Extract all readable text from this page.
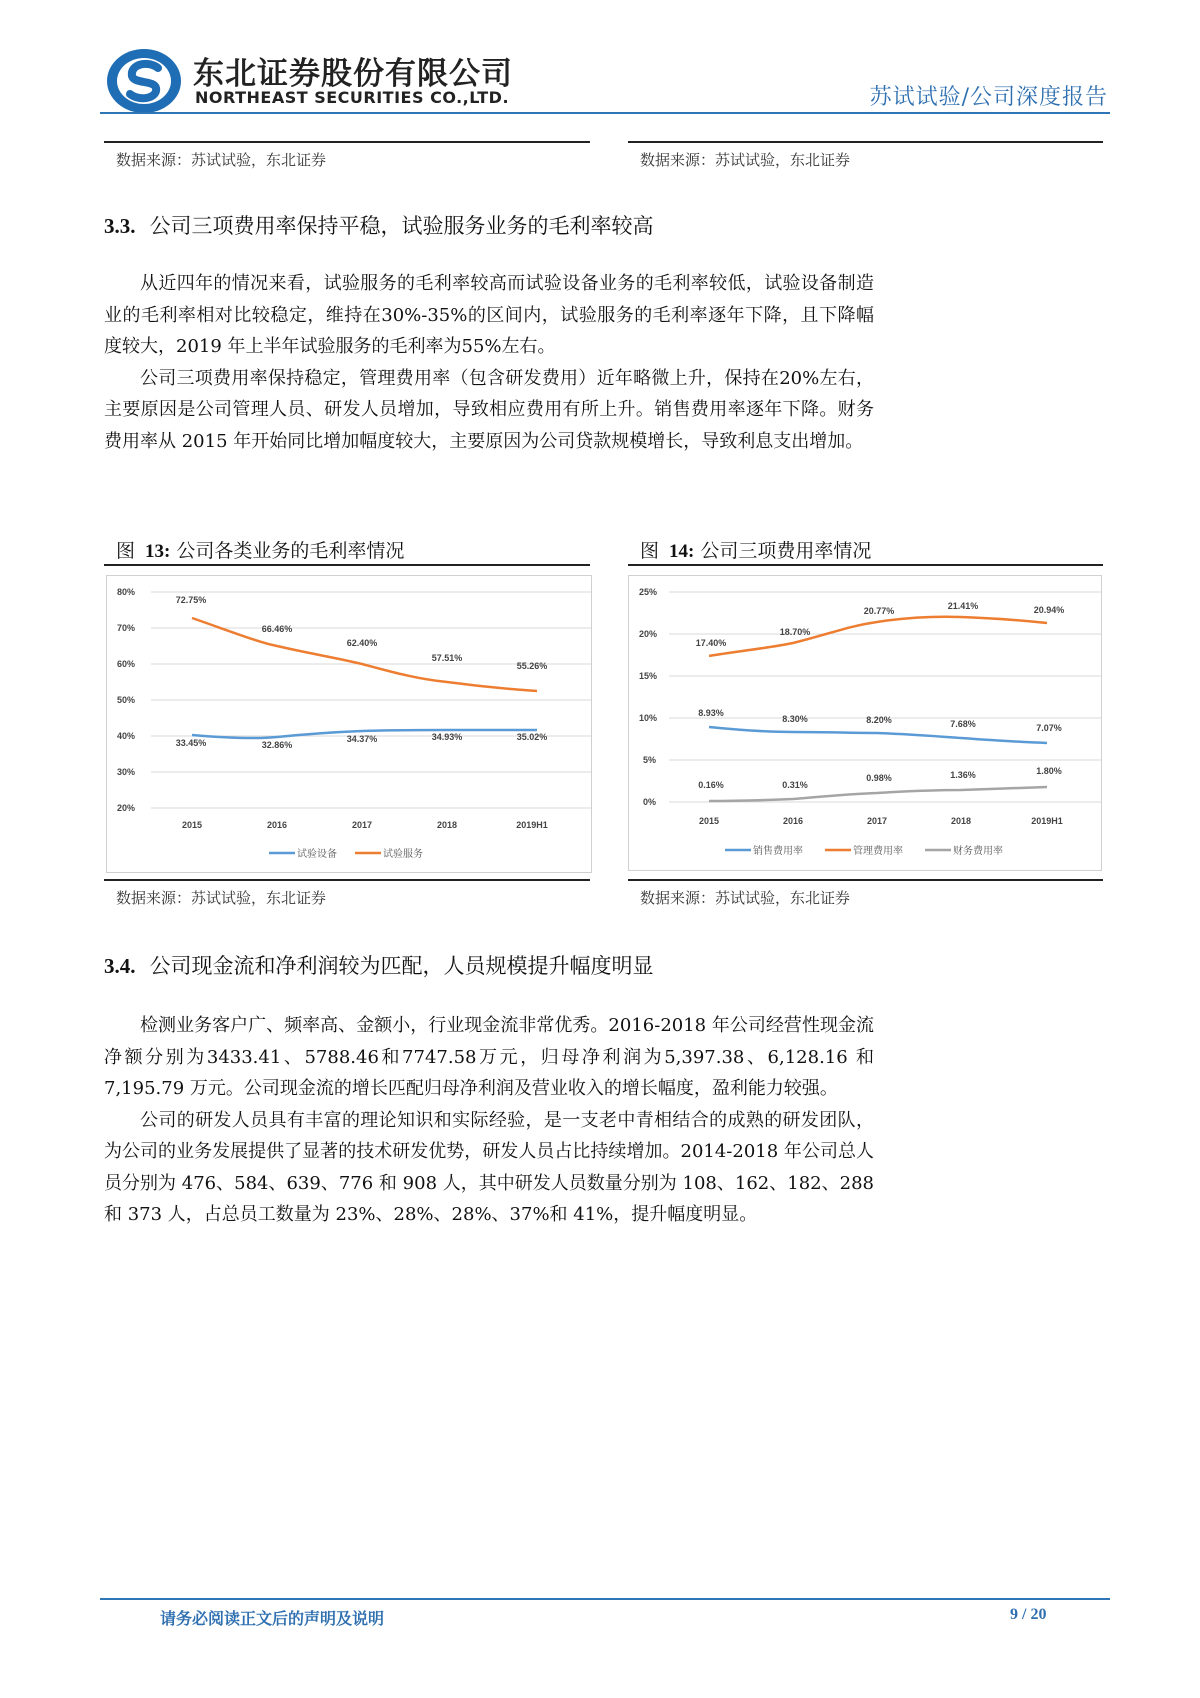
东北证券股份有限公司
NORTHEAST SECURITIES CO.,LTD.	苏试试验/公司深度报告
数据来源：苏试试验，东北证券	数据来源：苏试试验，东北证券
3.3. 公司三项费用率保持平稳，试验服务业务的毛利率较高

从近四年的情况来看，试验服务的毛利率较高而试验设备业务的毛利率较低，试验设备制造业的毛利率相对比较稳定，维持在30%-35%的区间内，试验服务的毛利率逐年下降，且下降幅度较大，2019 年上半年试验服务的毛利率为55%左右。

公司三项费用率保持稳定，管理费用率（包含研发费用）近年略微上升，保持在20%左右，主要原因是公司管理人员、研发人员增加，导致相应费用有所上升。销售费用率逐年下降。财务费用率从 2015 年开始同比增加幅度较大，主要原因为公司贷款规模增长，导致利息支出增加。

图 13: 公司各类业务的毛利率情况
80%
70%
60%
50%
40%
30%
20%
72.75%
66.46%
62.40%
57.51%
55.26%
33.45%	32.86%
34.37%	34.93%	35.02%
2015	2016	2017	2018	2019H1
试验设备	试验服务
数据来源：苏试试验，东北证券
图 14: 公司三项费用率情况
25%
20%
15%
10%
5%
0%
17.40%
18.70%
20.77%	21.41%	20.94%
8.93%
8.30%	8.20%	7.68%	7.07%
0.16%	0.31%
0.98%	1.36%	1.80%
2015	2016	2017	2018	2019H1
销售费用率	管理费用率	财务费用率
数据来源：苏试试验，东北证券
3.4. 公司现金流和净利润较为匹配，人员规模提升幅度明显

检测业务客户广、频率高、金额小，行业现金流非常优秀。2016-2018 年公司经营性现金流净额分别为3433.41、5788.46和7747.58万元，归母净利润为5,397.38、6,128.16 和 7,195.79 万元。公司现金流的增长匹配归母净利润及营业收入的增长幅度，盈利能力较强。

公司的研发人员具有丰富的理论知识和实际经验，是一支老中青相结合的成熟的研发团队，为公司的业务发展提供了显著的技术研发优势，研发人员占比持续增加。2014-2018 年公司总人员分别为 476、584、639、776 和 908 人，其中研发人员数量分别为 108、162、182、288 和 373 人，占总员工数量为 23%、28%、28%、37%和 41%，提升幅度明显。

请务必阅读正文后的声明及说明	9 / 20
